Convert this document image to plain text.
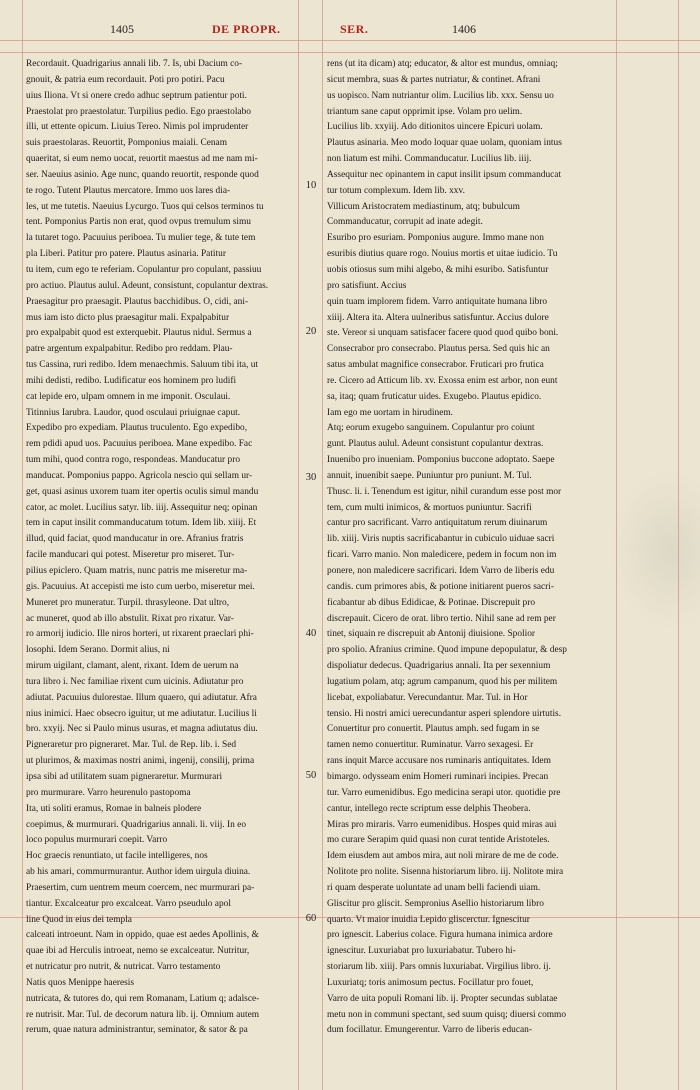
1405	DE PROPR.	SER.	1406
10
20
30
40
50
60
Recordauit. Quadrigarius annali lib. 7. Is, ubi Dacium co-
gnouit, & patria eum recordauit. Poti pro potiri. Pacu
uius Iliona. Vt si onere credo adhuc septrum patientur poti.
Praestolat pro praestolatur. Turpilius pedio. Ego praestolabo
illi, ut ettente opicum. Liuius Tereo. Nimis pol imprudenter
suis praestolaras. Reuortit, Pomponius maiali. Cenam
quaeritat, si eum nemo uocat, reuortit maestus ad me nam mi-
ser. Naeuius asinio. Age nunc, quando reuortit, responde quod
te rogo. Tutent Plautus mercatore. Immo uos lares dia-
les, ut me tutetis. Naeuius Lycurgo. Tuos qui celsos terminos tu
tent. Pomponius Partis non erat, quod ovpus tremulum simu
la tutaret togo. Pacuuius periboea. Tu mulier tege, & tute tem
pla Liberi. Patitur pro patere. Plautus asinaria. Patitur
tu item, cum ego te referiam. Copulantur pro copulant, passiuu
pro actiuo. Plautus aulul. Adeunt, consistunt, copulantur dextras.
Praesagitur pro praesagit. Plautus bacchidibus. O, cidi, ani-
mus iam isto dicto plus praesagitur mali. Expalpabitur
pro expalpabit quod est exterquebit. Plautus nidul. Sermus a
patre argentum expalpabitur. Redibo pro reddam. Plau-
tus Cassina, ruri redibo. Idem menaechmis. Saluum tibi ita, ut
mihi dedisti, redibo. Ludificatur eos hominem pro ludifi
cat lepide ero, ulpam omnem in me imponit. Osculaui.
Titinnius Iarubra. Laudor, quod osculaui priuignae caput.
Expedibo pro expediam. Plautus truculento. Ego expedibo,
rem pdidi apud uos. Pacuuius periboea. Mane expedibo. Fac
tum mihi, quod contra rogo, respondeas. Manducatur pro
manducat. Pomponius pappo. Agricola nescio qui sellam ur-
get, quasi asinus uxorem tuam iter opertis oculis simul mandu
cator, ac molet. Lucilius satyr. lib. iiij. Assequitur neq; opinan
tem in caput insilit commanducatum totum. Idem lib. xiiij. Et
illud, quid faciat, quod manducatur in ore. Afranius fratris
facile manducari qui potest. Miseretur pro miseret. Tur-
pilius epiclero. Quam matris, nunc patris me miseretur ma-
gis. Pacuuius. At accepisti me isto cum uerbo, miseretur mei.
Muneret pro muneratur. Turpil. thrasyleone. Dat ultro,
ac muneret, quod ab illo abstulit. Rixat pro rixatur. Var-
ro armorij iudicio. Ille niros horteri, ut rixarent praeclari phi-
losophi. Idem Serano. Dormit alius, ni
mirum uigilant, clamant, alent, rixant. Idem de uerum na
tura libro i. Nec familiae rixent cum uicinis. Adiutatur pro
adiutat. Pacuuius dulorestae. Illum quaero, qui adiutatur. Afra
nius inimici. Haec obsecro iguitur, ut me adiutatur. Lucilius li
bro. xxyij. Nec si Paulo minus usuras, et magna adiutatus diu.
Pigneraretur pro pigneraret. Mar. Tul. de Rep. lib. i. Sed
ut plurimos, & maximas nostri animi, ingenij, consilij, prima
ipsa sibi ad utilitatem suam pigneraretur. Murmurari
pro murmurare. Varro heurenulo pastopoma
Ita, uti soliti eramus, Romae in balneis plodere
coepimus, & murmurari. Quadrigarius annali. li. viij. In eo
loco populus murmurari coepit. Varro
Hoc graecis renuntiato, ut facile intelligeres, nos
ab his amari, commurmurantur. Author idem uirgula diuina.
Praesertim, cum uentrem meum coercem, nec murmurari pa-
tiantur. Excalceatur pro excalceat. Varro pseudulo apol
line Quod in eius dei templa
calceati introeunt. Nam in oppido, quae est aedes Apollinis, &
quae ibi ad Herculis introeat, nemo se excalceatur. Nutritur,
et nutricatur pro nutrit, & nutricat. Varro testamento
Natis quos Menippe haeresis
nutricata, & tutores do, qui rem Romanam, Latium q; adalsce-
re nutrisit. Mar. Tul. de decorum natura lib. ij. Omnium autem
rerum, quae natura administrantur, seminator, & sator & pa
rens (ut ita dicam) atq; educator, & altor est mundus, omniaq;
sicut membra, suas & partes nutriatur, & continet. Afrani
us uopisco. Nam nutriantur olim. Lucilius lib. xxx. Sensu uo
triantum sane caput opprimit ipse. Volam pro uelim.
Lucilius lib. xxyiij. Ado ditionitos uincere Epicuri uolam.
Plautus asinaria. Meo modo loquar quae uolam, quoniam intus
non liatum est mihi. Commanducatur. Lucilius lib. iiij.
Assequitur nec opinantem in caput insilit ipsum commanducat
tur totum complexum. Idem lib. xxv.
Villicum Aristocratem mediastinum, atq; bubulcum
Commanducatur, corrupit ad inate adegit.
Esuribo pro esuriam. Pomponius augure. Immo mane non
esuribis diutius quare rogo. Nouius mortis et uitae iudicio. Tu
uobis otiosus sum mihi algebo, & mihi esuribo. Satisfuntur
pro satisfiunt. Accius
quin tuam implorem fidem. Varro antiquitate humana libro
xiiij. Altera ita. Altera uulneribus satisfuntur. Accius dulore
ste. Vereor si unquam satisfacer facere quod quod quibo boni.
Consecrabor pro consecrabo. Plautus persa. Sed quis hic an
satus ambulat magnifice consecrabor. Fruticari pro frutica
re. Cicero ad Atticum lib. xv. Exossa enim est arbor, non eunt
sa, itaq; quam fruticatur uides. Exugebo. Plautus epidico.
Iam ego me uortam in hirudinem.
Atq; eorum exugebo sanguinem. Copulantur pro coiunt
gunt. Plautus aulul. Adeunt consistunt copulantur dextras.
Inuenibo pro inueniam. Pomponius buccone adoptato. Saepe
annuit, inuenibit saepe. Puniuntur pro puniunt. M. Tul.
Thusc. li. i. Tenendum est igitur, nihil curandum esse post mor
tem, cum multi inimicos, & mortuos puniuntur. Sacrifi
cantur pro sacrificant. Varro antiquitatum rerum diuinarum
lib. xiiij. Viris nuptis sacrificabantur in cubiculo uiduae sacri
ficari. Varro manio. Non maledicere, pedem in focum non im
ponere, non maledicere sacrificari. Idem Varro de liberis edu
candis. cum primores abis, & potione initiarent pueros sacri-
ficabantur ab dibus Edidicae, & Potinae. Discrepuit pro
discrepauit. Cicero de orat. libro tertio. Nihil sane ad rem per
tinet, siquain re discrepuit ab Antonij diuisione. Spolior
pro spolio. Afranius crimine. Quod impune depopulatur, & desp
dispoliatur dedecus. Quadrigarius annali. Ita per sexennium
lugatium polam, atq; agrum campanum, quod his per militem
licebat, expoliabatur. Verecundantur. Mar. Tul. in Hor
tensio. Hi nostri amici uerecundantur asperi splendore uirtutis.
Conuertitur pro conuertit. Plautus amph. sed fugam in se
tamen nemo conuertitur. Ruminatur. Varro sexagesi. Er
rans inquit Marce accusare nos ruminaris antiquitates. Idem
bimargo. odysseam enim Homeri ruminari incipies. Precan
tur. Varro eumenidibus. Ego medicina serapi utor. quotidie pre
cantur, intellego recte scriptum esse delphis Theobera.
Miras pro miraris. Varro eumenidibus. Hospes quid miras aui
mo curare Serapim quid quasi non curat tentide Aristoteles.
Idem eiusdem aut ambos mira, aut noli mirare de me de code.
Nolitote pro nolite. Sisenna historiarum libro. iij. Nolitote mira
ri quam desperate uoluntate ad unam belli faciendi uiam.
Gliscitur pro gliscit. Sempronius Asellio historiarum libro
quarto. Vt maior inuidia Lepido gliscerctur. Ignescitur
pro ignescit. Laberius colace. Figura humana inimica ardore
ignescitur. Luxuriabat pro luxuriabatur. Tubero hi-
storiarum lib. xiiij. Pars omnis luxuriabat. Virgilius libro. ij.
Luxuriatq; toris animosum pectus. Focillatur pro fouet,
Varro de uita populi Romani lib. ij. Propter secundas sublatae
metu non in communi spectant, sed suum quisq; diuersi commo
dum focillatur. Emungerentur. Varro de liberis educan-
